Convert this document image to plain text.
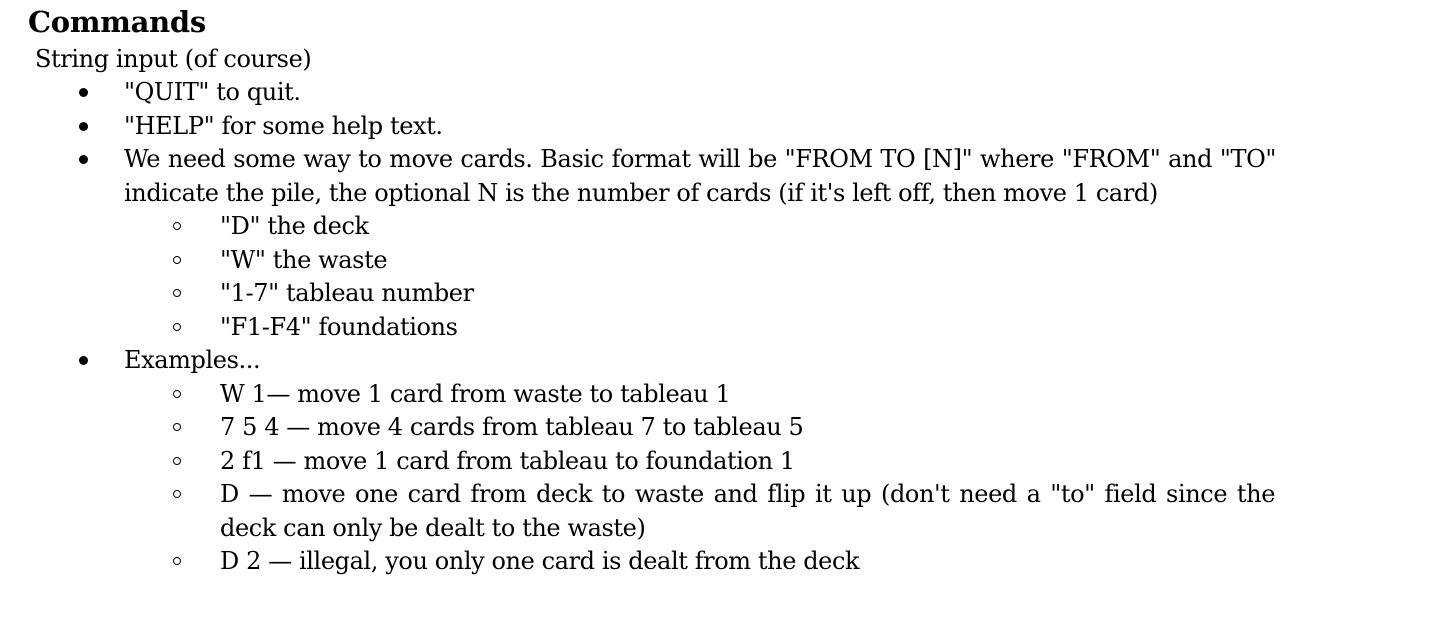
Commands
String input (of course)
"QUIT" to quit.
"HELP" for some help text.
We need some way to move cards. Basic format will be "FROM TO [N]" where "FROM" and "TO" indicate the pile, the optional N is the number of cards (if it's left off, then move 1 card)
"D" the deck
"W" the waste
"1-7" tableau number
"F1-F4" foundations
Examples...
W 1— move 1 card from waste to tableau 1
7 5 4 — move 4 cards from tableau 7 to tableau 5
2 f1 — move 1 card from tableau to foundation 1
D — move one card from deck to waste and flip it up (don't need a "to" field since the deck can only be dealt to the waste)
D 2 — illegal, you only one card is dealt from the deck
